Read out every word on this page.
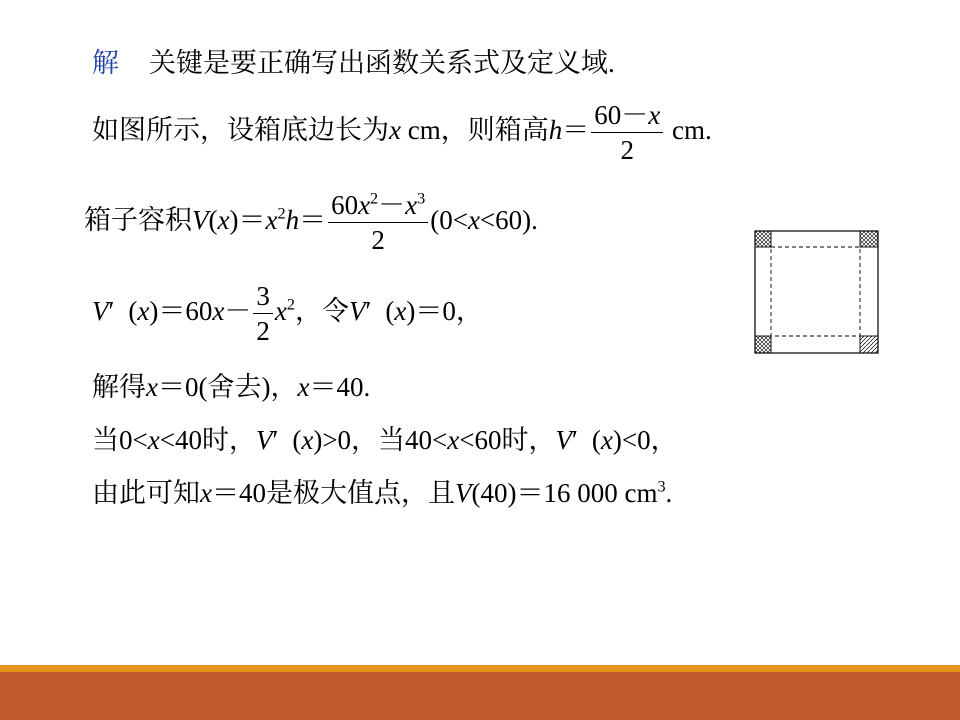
解 关键是要正确写出函数关系式及定义域.
如图所示，设箱底边长为x cm，则箱高$h= \frac{60-x}{2}$ cm.
箱子容积$V(x)=x^2h= \frac{60x^2-x^3}{2} (0<x<60)$.
V′ $(x)=60x- \frac{3}{2} x^2$，令V′ (x)＝0，
解得x＝0(舍去)，x＝40.
当0<x<40时，V′ (x)>0，当40<x<60时，V′ (x)<0，
由此可知x＝40是极大值点，且V(40)＝16 000 $cm^3$.
